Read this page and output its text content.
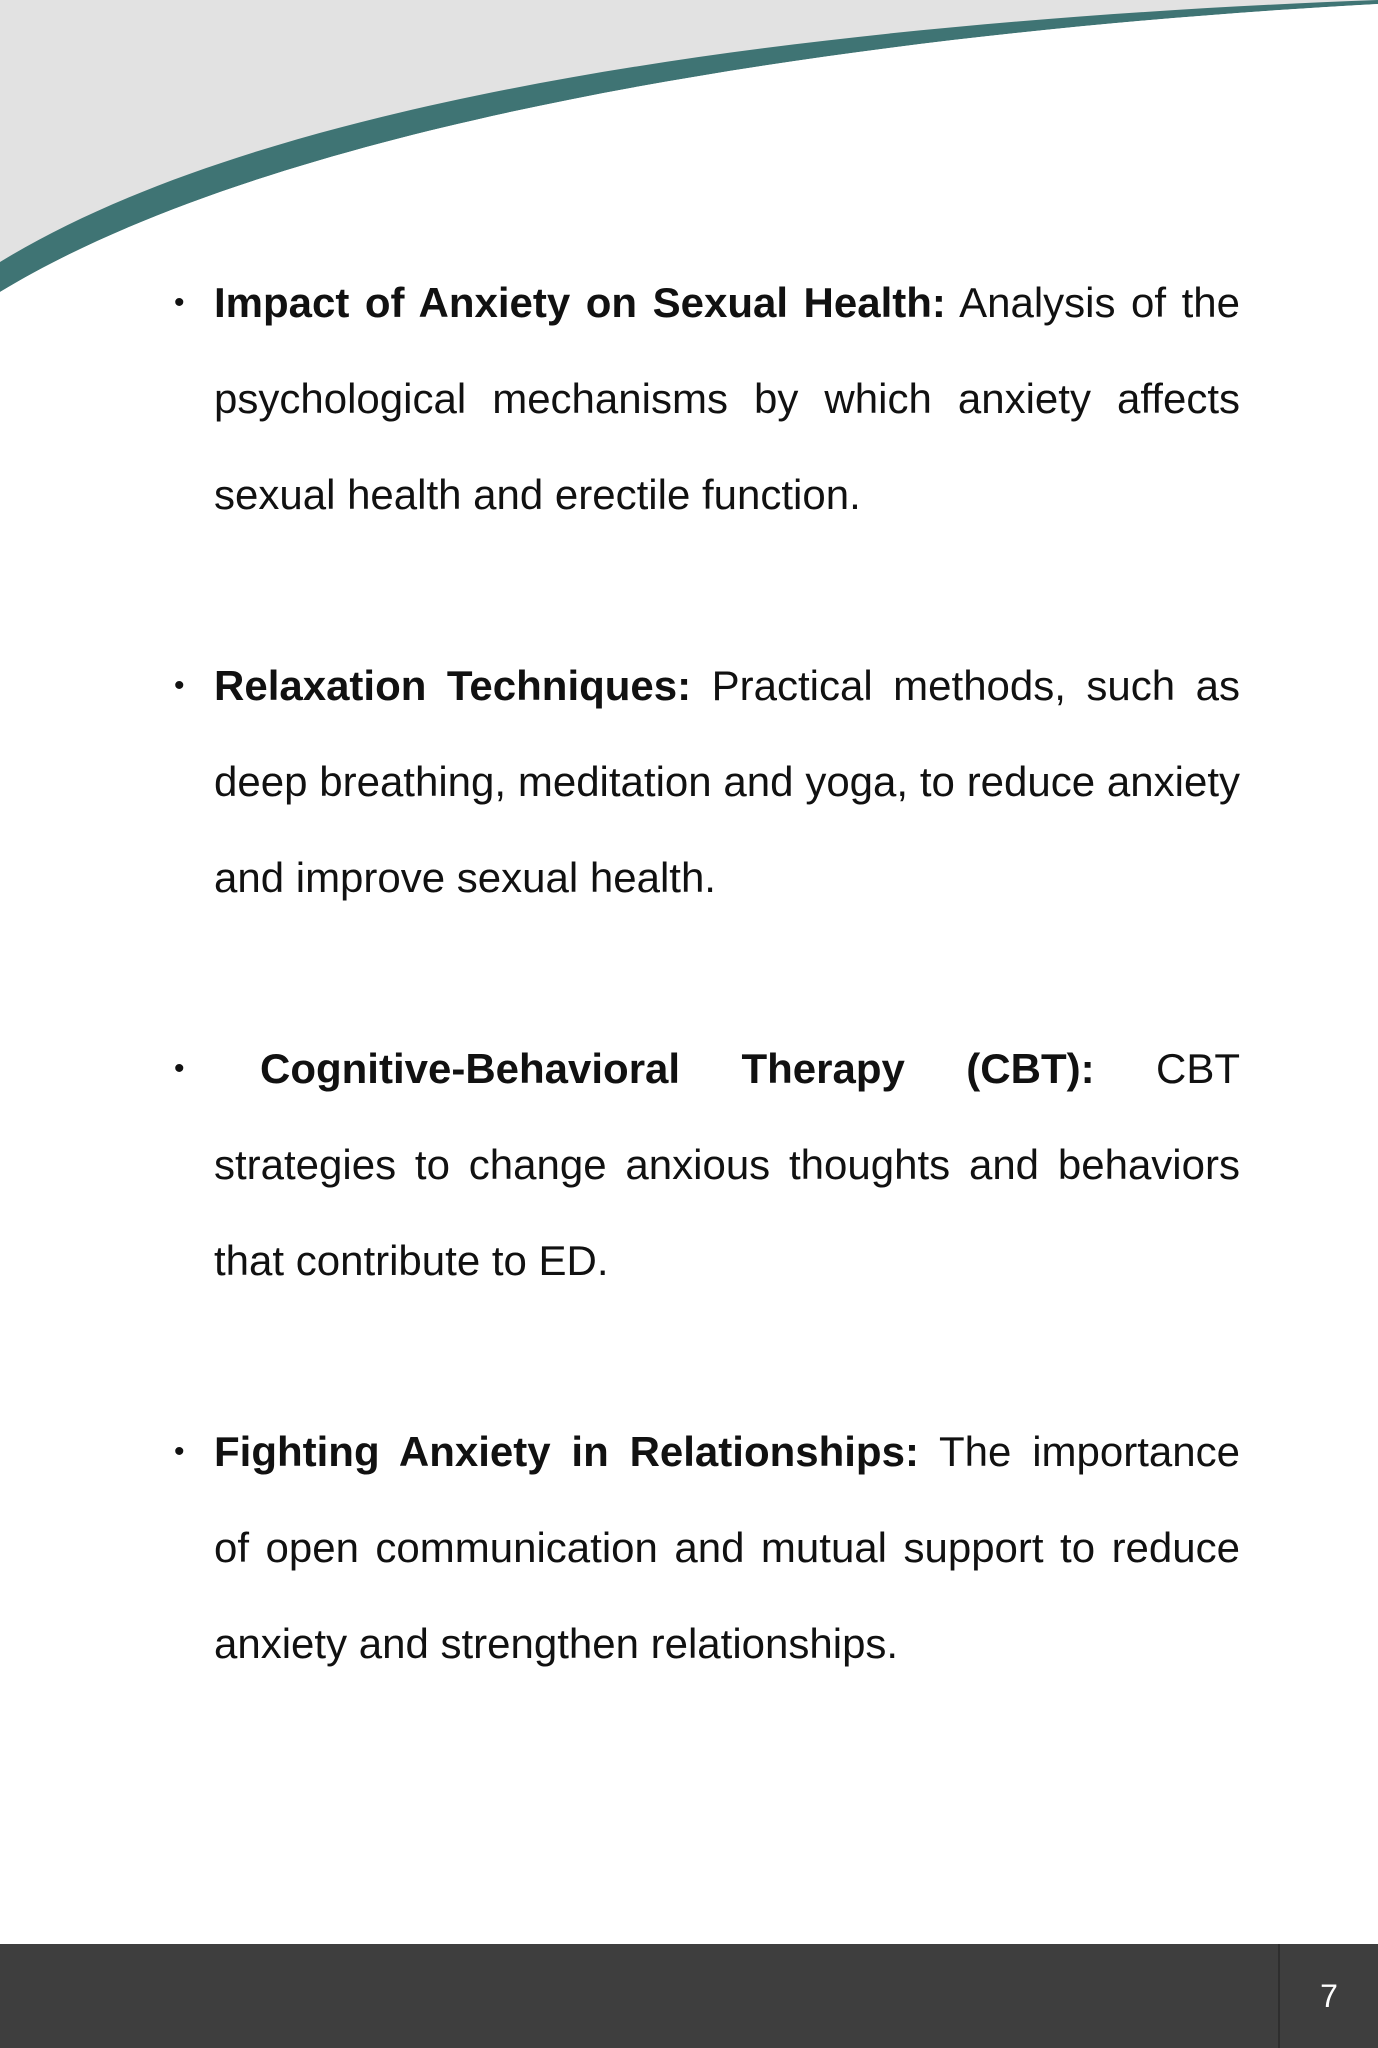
• Impact of Anxiety on Sexual Health: Analysis of the psychological mechanisms by which anxiety affects sexual health and erectile function.
• Relaxation Techniques: Practical methods, such as deep breathing, meditation and yoga, to reduce anxiety and improve sexual health.
• Cognitive-Behavioral Therapy (CBT): CBT strategies to change anxious thoughts and behaviors that contribute to ED.
• Fighting Anxiety in Relationships: The importance of open communication and mutual support to reduce anxiety and strengthen relationships.
7
